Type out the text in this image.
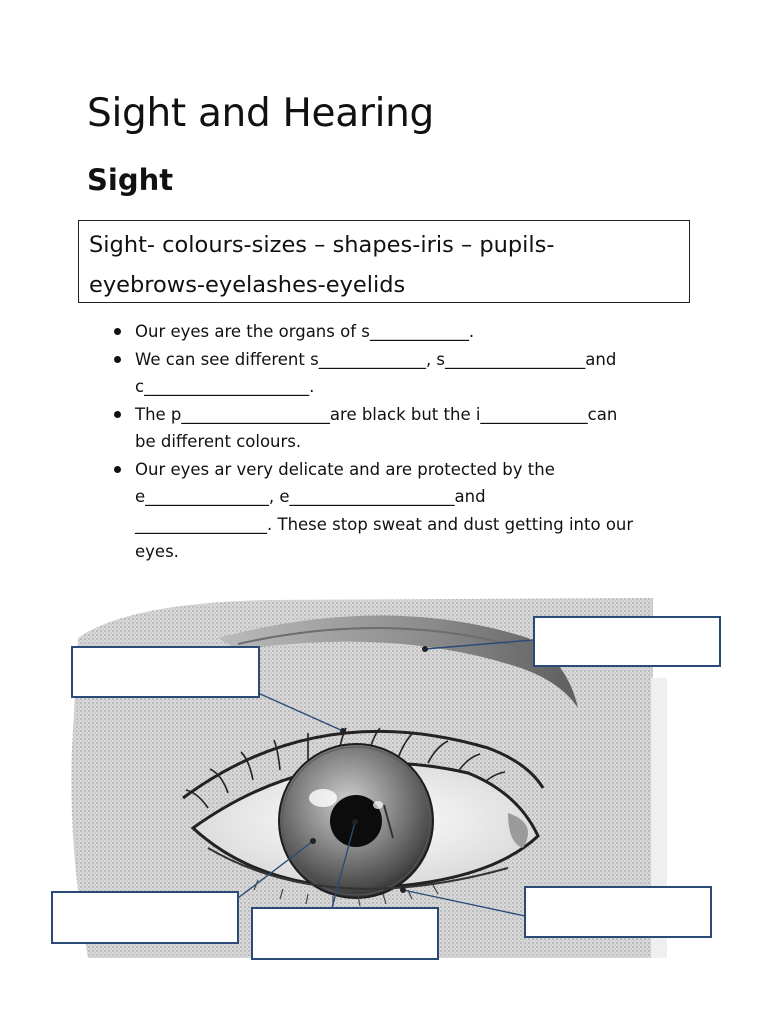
Sight and Hearing
Sight
Sight- colours-sizes – shapes-iris – pupils-
eyebrows-eyelashes-eyelids
Our eyes are the organs of s____________.
We can see different s_____________, s_________________and
c____________________.
The p__________________are black but the i_____________can
be different colours.
Our eyes ar very delicate and are protected by the
e_______________, e____________________and
________________. These stop sweat and dust getting into our
eyes.
